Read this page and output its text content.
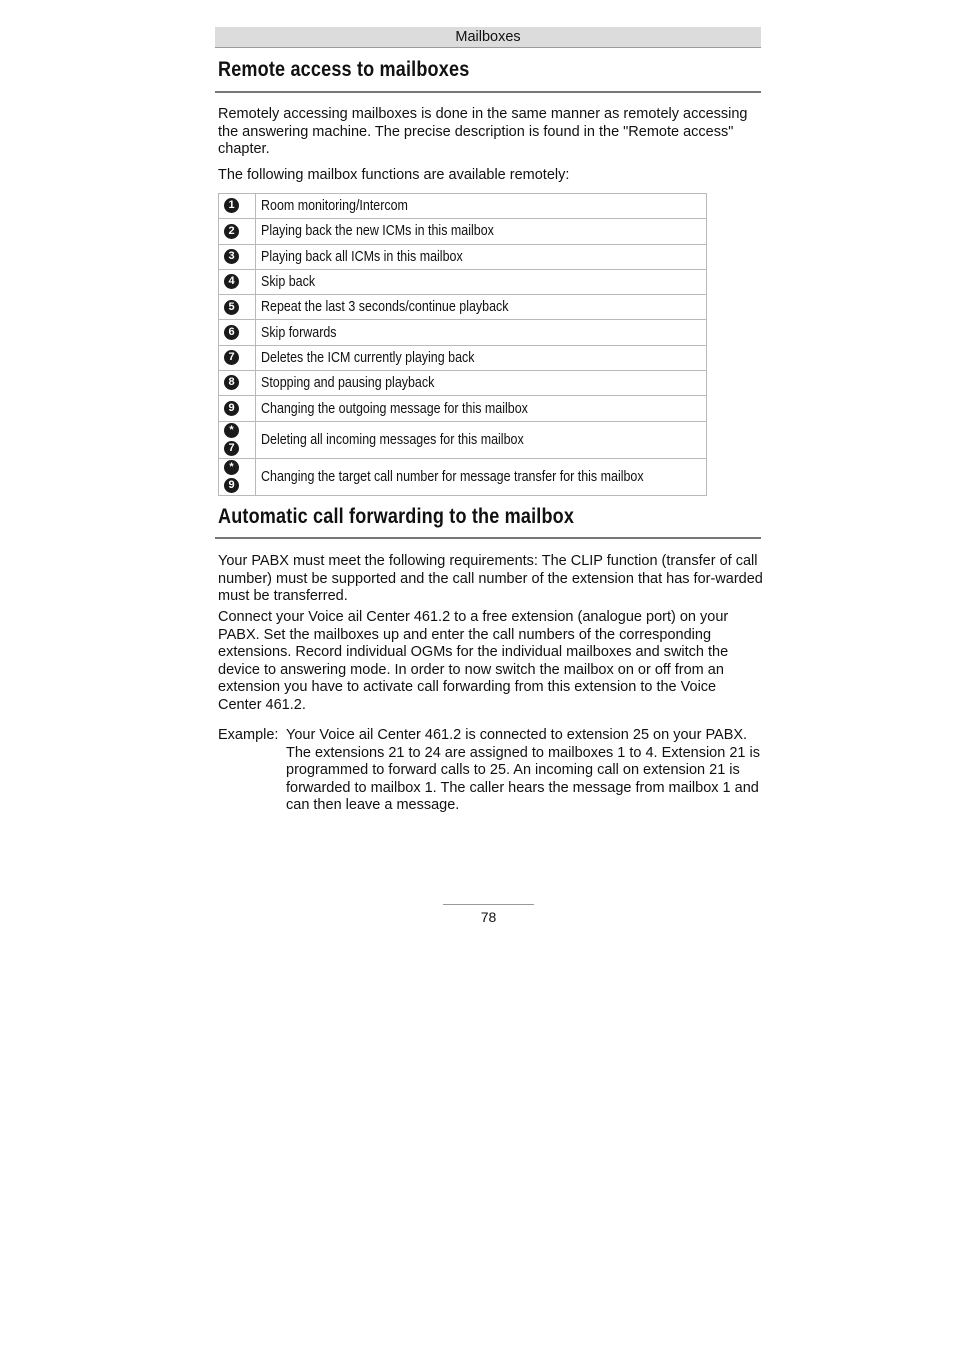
Mailboxes
Remote access to mailboxes
Remotely accessing mailboxes is done in the same manner as remotely accessing the answering machine. The precise description is found in the "Remote access" chapter.
The following mailbox functions are available remotely:
1	Room monitoring/Intercom
2	Playing back the new ICMs in this mailbox
3	Playing back all ICMs in this mailbox
4	Skip back
5	Repeat the last 3 seconds/continue playback
6	Skip forwards
7	Deletes the ICM currently playing back
8	Stopping and pausing playback
9	Changing the outgoing message for this mailbox
*7	Deleting all incoming messages for this mailbox
*9	Changing the target call number for message transfer for this mailbox
Automatic call forwarding to the mailbox
Your PABX must meet the following requirements: The CLIP function (transfer of call number) must be supported and the call number of the extension that has for-warded must be transferred.
Connect your Voice ail Center 461.2 to a free extension (analogue port) on your PABX. Set the mailboxes up and enter the call numbers of the corresponding extensions. Record individual OGMs for the individual mailboxes and switch the device to answering mode. In order to now switch the mailbox on or off from an extension you have to activate call forwarding from this extension to the Voice Center 461.2.
Example: Your Voice ail Center 461.2 is connected to extension 25 on your PABX. The extensions 21 to 24 are assigned to mailboxes 1 to 4. Extension 21 is programmed to forward calls to 25. An incoming call on extension 21 is forwarded to mailbox 1. The caller hears the message from mailbox 1 and can then leave a message.
78
